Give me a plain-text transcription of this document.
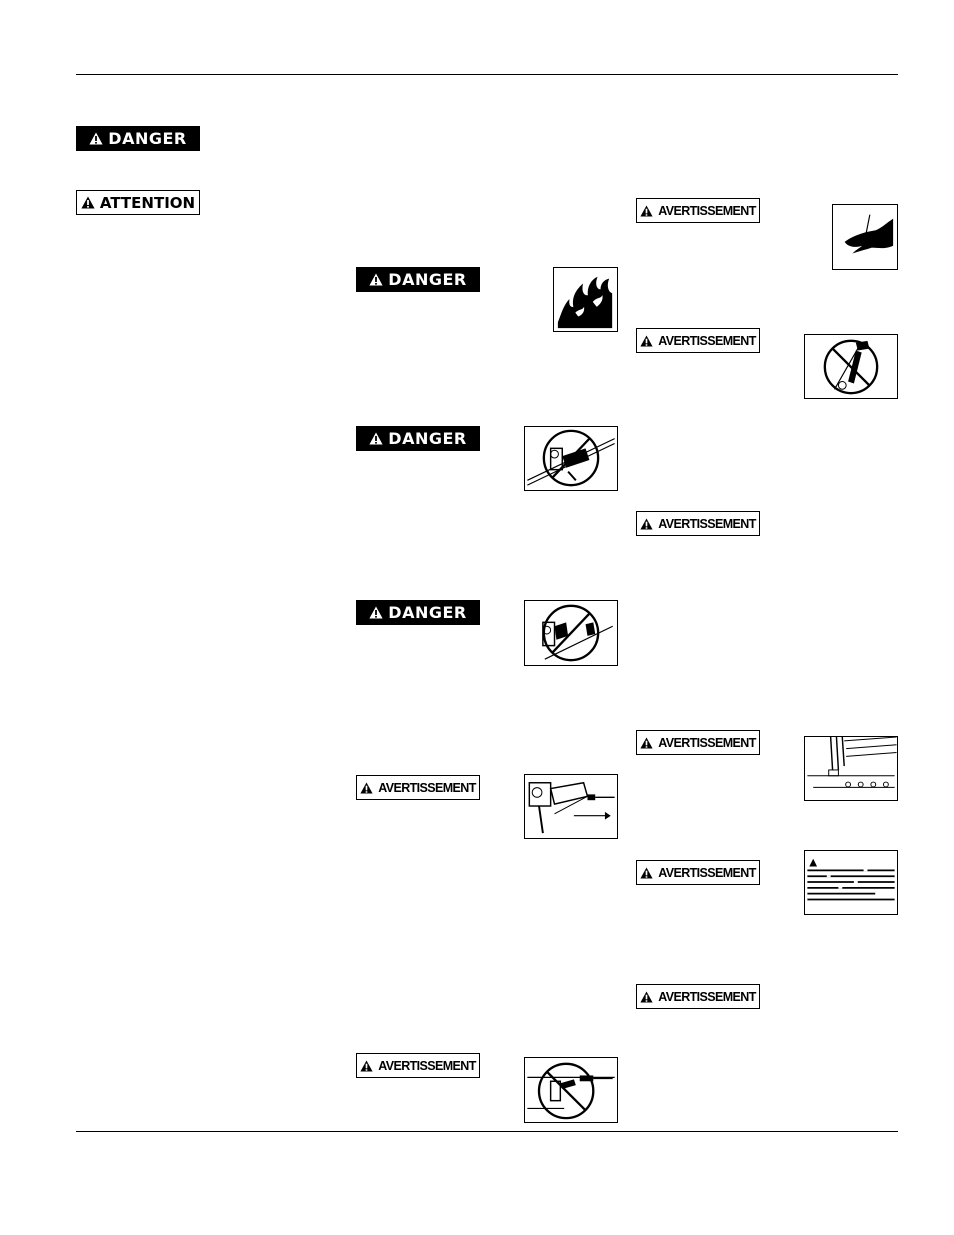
DANGER
ATTENTION
DANGER
DANGER
DANGER
AVERTISSEMENT
AVERTISSEMENT
AVERTISSEMENT
AVERTISSEMENT
AVERTISSEMENT
AVERTISSEMENT
AVERTISSEMENT
AVERTISSEMENT
